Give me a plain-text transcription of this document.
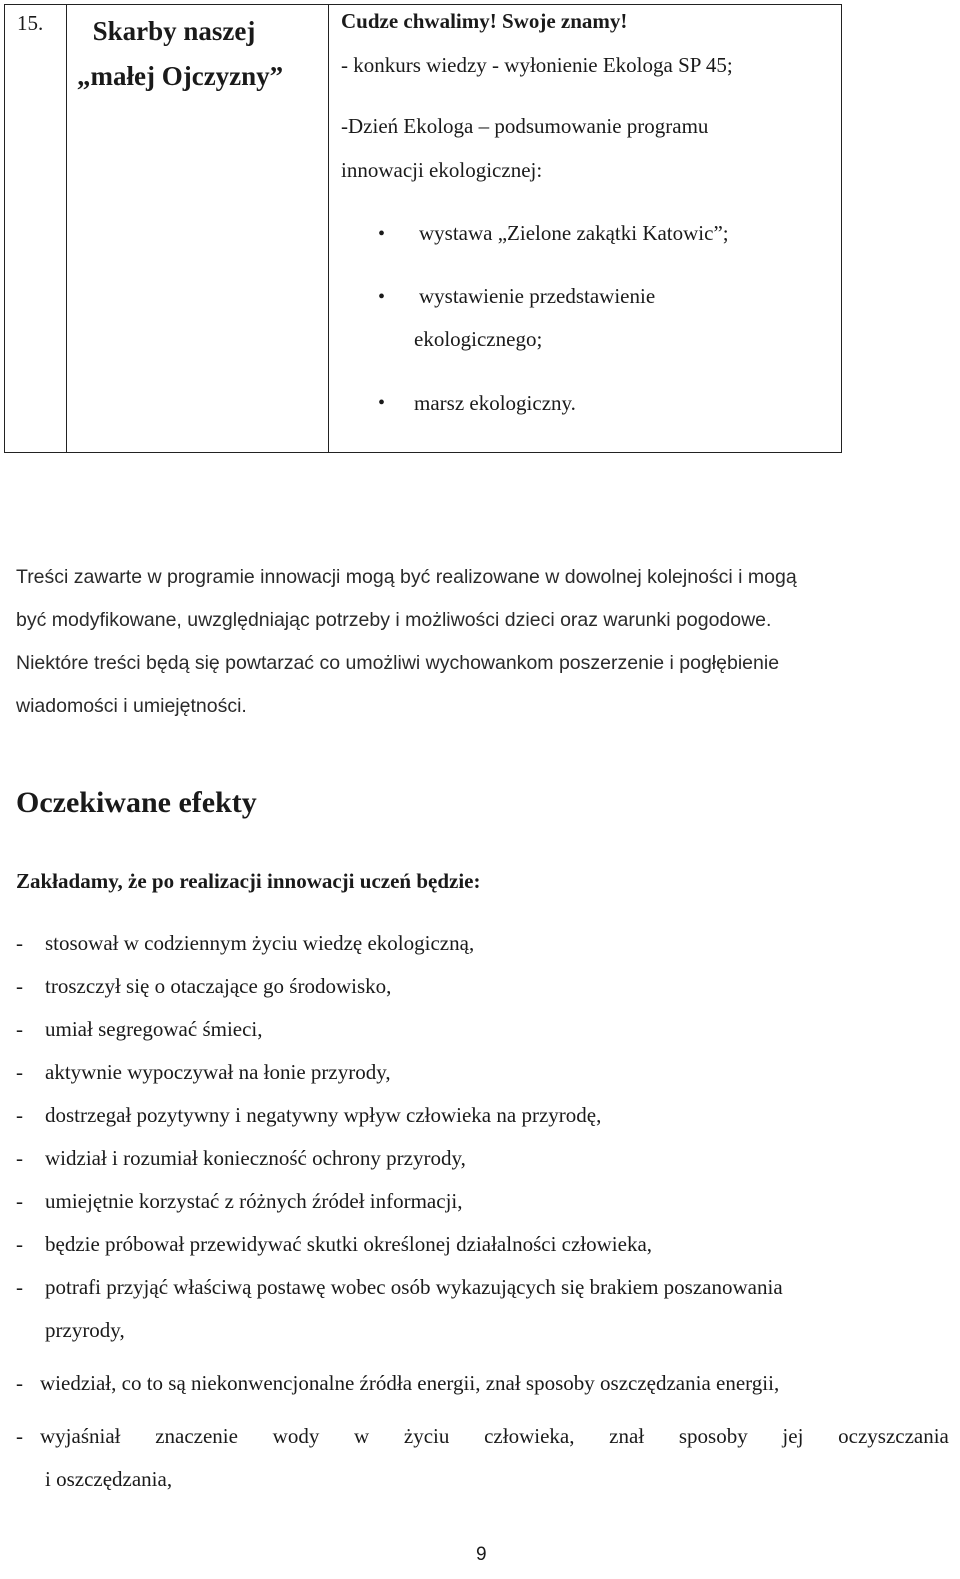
15.	Skarby naszej
„małej Ojczyzny”
Cudze chwalimy! Swoje znamy!
- konkurs wiedzy - wyłonienie Ekologa SP 45;
-Dzień Ekologa – podsumowanie programu
innowacji ekologicznej:
• wystawa „Zielone zakątki Katowic”;
• wystawienie przedstawienie
ekologicznego;
• marsz ekologiczny.
Treści zawarte w programie innowacji mogą być realizowane w dowolnej kolejności i mogą
być modyfikowane, uwzględniając potrzeby i możliwości dzieci oraz warunki pogodowe.
Niektóre treści będą się powtarzać co umożliwi wychowankom poszerzenie i pogłębienie
wiadomości i umiejętności.
Oczekiwane efekty
Zakładamy, że po realizacji innowacji uczeń będzie:
- stosował w codziennym życiu wiedzę ekologiczną,
- troszczył się o otaczające go środowisko,
- umiał segregować śmieci,
- aktywnie wypoczywał na łonie przyrody,
- dostrzegał pozytywny i negatywny wpływ człowieka na przyrodę,
- widział i rozumiał konieczność ochrony przyrody,
- umiejętnie korzystać z różnych źródeł informacji,
- będzie próbował przewidywać skutki określonej działalności człowieka,
- potrafi przyjąć właściwą postawę wobec osób wykazujących się brakiem poszanowania
przyrody,
- wiedział, co to są niekonwencjonalne źródła energii, znał sposoby oszczędzania energii,
- wyjaśniał znaczenie wody w życiu człowieka, znał sposoby jej oczyszczania
i oszczędzania,
9
